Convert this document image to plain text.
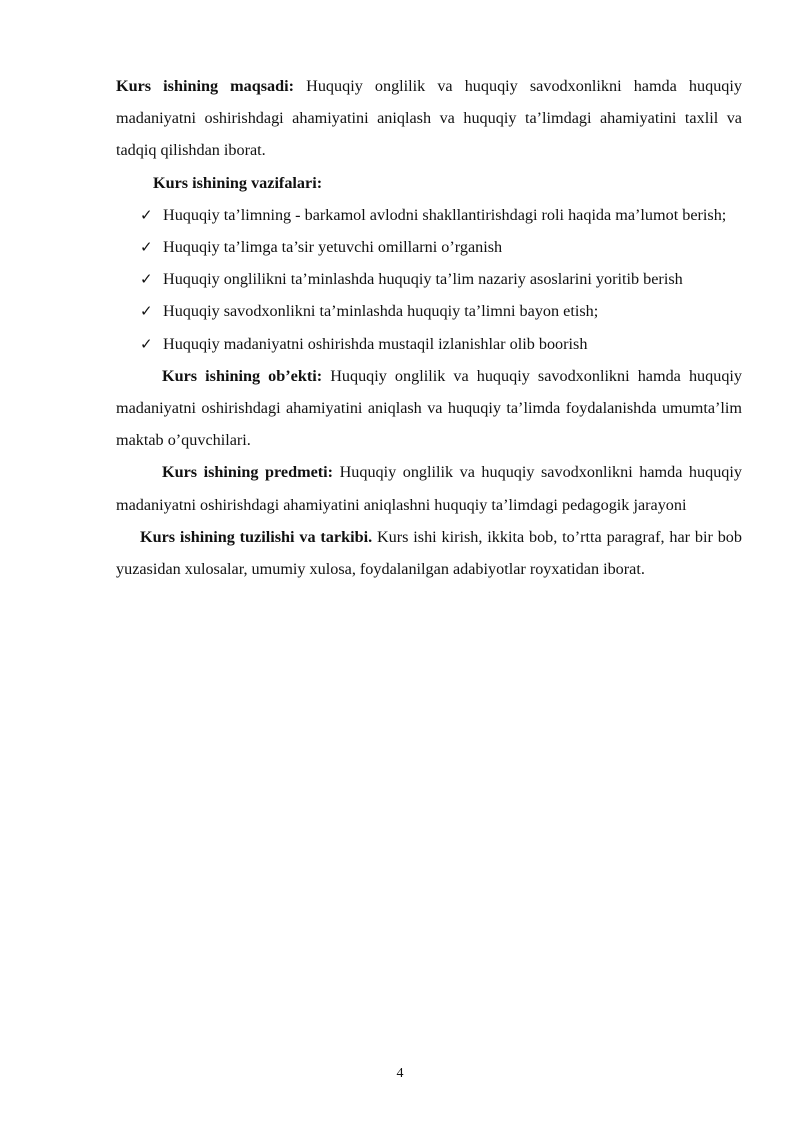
Kurs ishining maqsadi: Huquqiy onglilik va huquqiy savodxonlikni hamda huquqiy madaniyatni oshirishdagi ahamiyatini aniqlash va huquqiy ta’limdagi ahamiyatini taxlil va tadqiq qilishdan iborat.

Kurs ishining vazifalari:

✓ Huquqiy ta’limning - barkamol avlodni shakllantirishdagi roli haqida ma’lumot berish;
✓ Huquqiy ta’limga ta’sir yetuvchi omillarni o’rganish
✓ Huquqiy onglilikni ta’minlashda huquqiy ta’lim nazariy asoslarini yoritib berish
✓ Huquqiy savodxonlikni ta’minlashda huquqiy ta’limni bayon etish;
✓ Huquqiy madaniyatni oshirishda mustaqil izlanishlar olib boorish

Kurs ishining ob’ekti: Huquqiy onglilik va huquqiy savodxonlikni hamda huquqiy madaniyatni oshirishdagi ahamiyatini aniqlash va huquqiy ta’limda foydalanishda umumta’lim maktab o’quvchilari.

Kurs ishining predmeti: Huquqiy onglilik va huquqiy savodxonlikni hamda huquqiy madaniyatni oshirishdagi ahamiyatini aniqlashni huquqiy ta’limdagi pedagogik jarayoni

Kurs ishining tuzilishi va tarkibi. Kurs ishi kirish, ikkita bob, to’rtta paragraf, har bir bob yuzasidan xulosalar, umumiy xulosa, foydalanilgan adabiyotlar royxatidan iborat.

4
